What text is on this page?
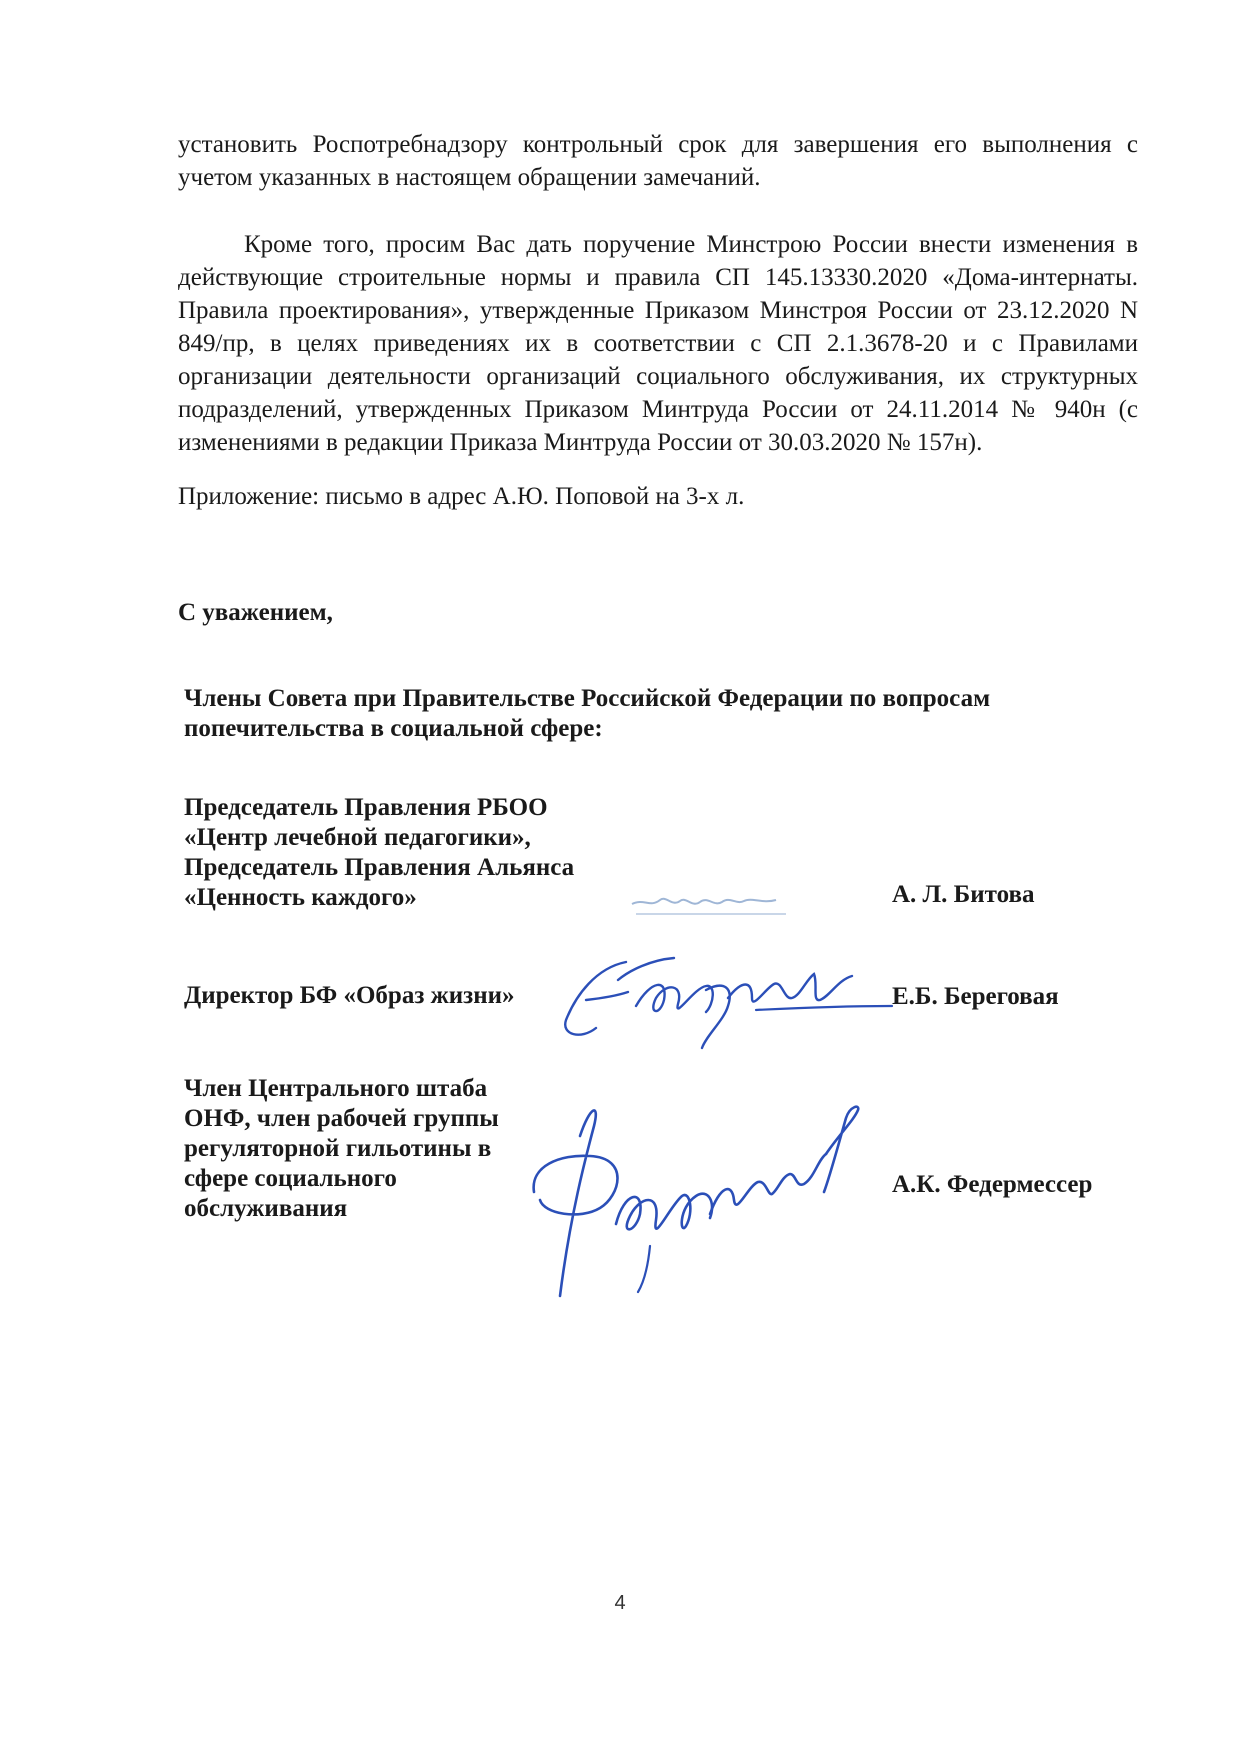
установить Роспотребнадзору контрольный срок для завершения его выполнения с учетом указанных в настоящем обращении замечаний.

Кроме того, просим Вас дать поручение Минстрою России внести изменения в действующие строительные нормы и правила СП 145.13330.2020 «Дома-интернаты. Правила проектирования», утвержденные Приказом Минстроя России от 23.12.2020 N 849/пр, в целях приведениях их в соответствии с СП 2.1.3678-20 и с Правилами организации деятельности организаций социального обслуживания, их структурных подразделений, утвержденных Приказом Минтруда России от 24.11.2014 № 940н (с изменениями в редакции Приказа Минтруда России от 30.03.2020 № 157н).

Приложение: письмо в адрес А.Ю. Поповой на 3-х л.

С уважением,

Члены Совета при Правительстве Российской Федерации по вопросам попечительства в социальной сфере:

Председатель Правления РБОО «Центр лечебной педагогики», Председатель Правления Альянса «Ценность каждого»	А. Л. Битова

Директор БФ «Образ жизни»	Е.Б. Береговая

Член Центрального штаба ОНФ, член рабочей группы регуляторной гильотины в сфере социального обслуживания

А.К. Федермессер
4
